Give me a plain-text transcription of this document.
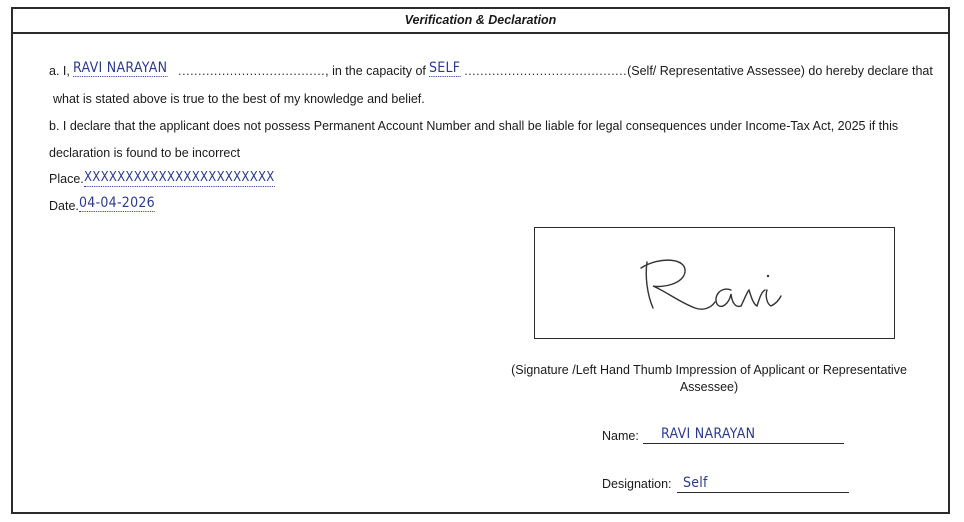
Verification & Declaration
a. I, RAVI NARAYAN ....................................., in the capacity of SELF .........................................(Self/ Representative Assessee) do hereby declare that
what is stated above is true to the best of my knowledge and belief.
b. I declare that the applicant does not possess Permanent Account Number and shall be liable for legal consequences under Income-Tax Act, 2025 if this
declaration is found to be incorrect
Place.XXXXXXXXXXXXXXXXXXXXXXX
Date.04-04-2026
(Signature /Left Hand Thumb Impression of Applicant or Representative
Assessee)
Name: RAVI NARAYAN
Designation: Self
